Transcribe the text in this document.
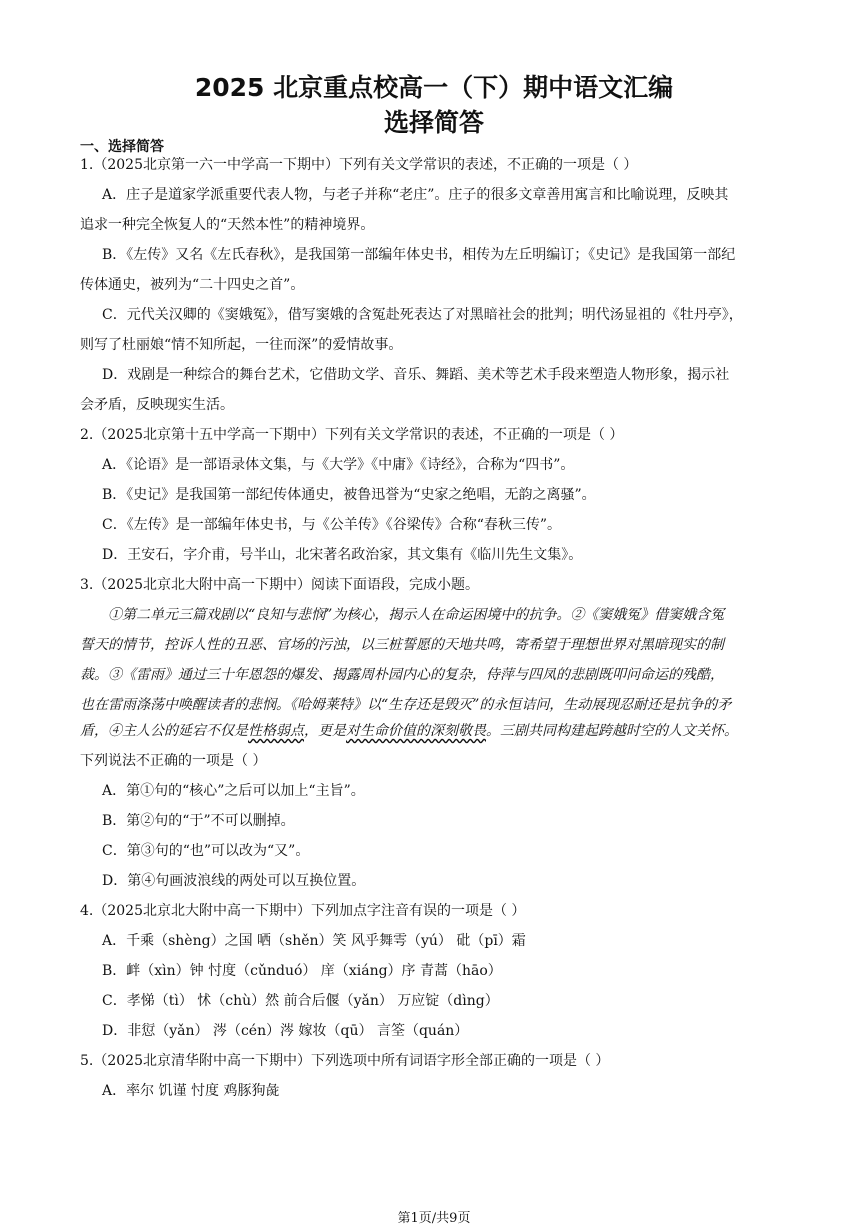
2025 北京重点校高一（下）期中语文汇编
选择简答
一、选择简答
1.（2025北京第一六一中学高一下期中）下列有关文学常识的表述，不正确的一项是（ ）
A．庄子是道家学派重要代表人物，与老子并称“老庄”。庄子的很多文章善用寓言和比喻说理，反映其
追求一种完全恢复人的“天然本性”的精神境界。
B．《左传》又名《左氏春秋》，是我国第一部编年体史书，相传为左丘明编订；《史记》是我国第一部纪
传体通史，被列为“二十四史之首”。
C．元代关汉卿的《窦娥冤》，借写窦娥的含冤赴死表达了对黑暗社会的批判；明代汤显祖的《牡丹亭》，
则写了杜丽娘“情不知所起，一往而深”的爱情故事。
D．戏剧是一种综合的舞台艺术，它借助文学、音乐、舞蹈、美术等艺术手段来塑造人物形象，揭示社
会矛盾，反映现实生活。
2.（2025北京第十五中学高一下期中）下列有关文学常识的表述，不正确的一项是（ ）
A．《论语》是一部语录体文集，与《大学》《中庸》《诗经》，合称为“四书”。
B．《史记》是我国第一部纪传体通史，被鲁迅誉为“史家之绝唱，无韵之离骚”。
C．《左传》是一部编年体史书，与《公羊传》《谷梁传》合称“春秋三传”。
D．王安石，字介甫，号半山，北宋著名政治家，其文集有《临川先生文集》。
3.（2025北京北大附中高一下期中）阅读下面语段，完成小题。
①第二单元三篇戏剧以“良知与悲悯”为核心，揭示人在命运困境中的抗争。②《窦娥冤》借窦娥含冤
誓天的情节，控诉人性的丑恶、官场的污浊，以三桩誓愿的天地共鸣，寄希望于理想世界对黑暗现实的制
裁。③《雷雨》通过三十年恩怨的爆发、揭露周朴园内心的复杂，侍萍与四凤的悲剧既叩问命运的残酷，
也在雷雨涤荡中唤醒读者的悲悯。《哈姆莱特》以“生存还是毁灭”的永恒诘问，生动展现忍耐还是抗争的矛
盾，④主人公的延宕不仅是性格弱点，更是对生命价值的深刻敬畏。三剧共同构建起跨越时空的人文关怀。
下列说法不正确的一项是（ ）
A．第①句的“核心”之后可以加上“主旨”。
B．第②句的“于”不可以删掉。
C．第③句的“也”可以改为“又”。
D．第④句画波浪线的两处可以互换位置。
4.（2025北京北大附中高一下期中）下列加点字注音有误的一项是（ ）
A．千乘（shèng）之国 哂（shěn）笑 风乎舞雩（yú） 砒（pī）霜
B．衅（xìn）钟 忖度（cǔnduó） 庠（xiáng）序 青蒿（hāo）
C．孝悌（tì） 怵（chù）然 前合后偃（yǎn） 万应锭（dìng）
D．非愆（yǎn） 涔（cén）涔 嫁妆（qū） 言筌（quán）
5.（2025北京清华附中高一下期中）下列选项中所有词语字形全部正确的一项是（ ）
A．率尔 饥谨 忖度 鸡豚狗彘
第1页/共9页
